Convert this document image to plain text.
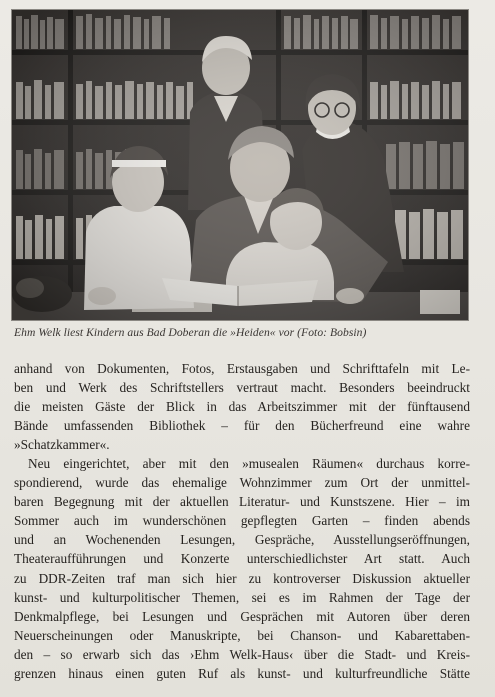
Ehm Welk liest Kindern aus Bad Doberan die »Heiden« vor (Foto: Bobsin)
anhand von Dokumenten, Fotos, Erstausgaben und Schrifttafeln mit Le-
ben und Werk des Schriftstellers vertraut macht. Besonders beeindruckt
die meisten Gäste der Blick in das Arbeitszimmer mit der fünftausend
Bände umfassenden Bibliothek – für den Bücherfreund eine wahre
»Schatzkammer«.
Neu eingerichtet, aber mit den »musealen Räumen« durchaus korre-
spondierend, wurde das ehemalige Wohnzimmer zum Ort der unmittel-
baren Begegnung mit der aktuellen Literatur- und Kunstszene. Hier – im
Sommer auch im wunderschönen gepflegten Garten – finden abends
und an Wochenenden Lesungen, Gespräche, Ausstellungseröffnungen,
Theateraufführungen und Konzerte unterschiedlichster Art statt. Auch
zu DDR-Zeiten traf man sich hier zu kontroverser Diskussion aktueller
kunst- und kulturpolitischer Themen, sei es im Rahmen der Tage der
Denkmalpflege, bei Lesungen und Gesprächen mit Autoren über deren
Neuerscheinungen oder Manuskripte, bei Chanson- und Kabarettaben-
den – so erwarb sich das ›Ehm Welk-Haus‹ über die Stadt- und Kreis-
grenzen hinaus einen guten Ruf als kunst- und kulturfreundliche Stätte
